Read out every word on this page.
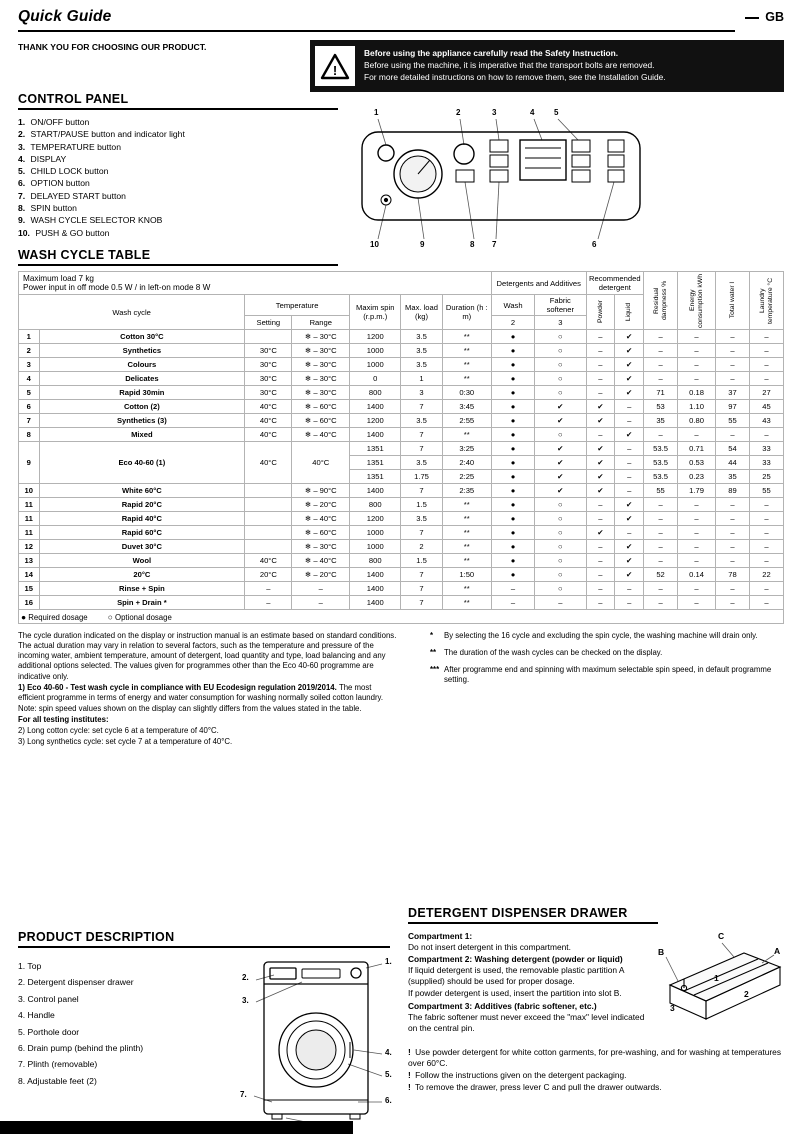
Quick Guide	GB
THANK YOU FOR CHOOSING OUR PRODUCT.
!
Before using the appliance carefully read the Safety Instruction.
Before using the machine, it is imperative that the transport bolts are removed.
For more detailed instructions on how to remove them, see the Installation Guide.
CONTROL PANEL
1. ON/OFF button
2. START/PAUSE button and indicator light
3. TEMPERATURE button
4. DISPLAY
5. CHILD LOCK button
6. OPTION button
7. DELAYED START button
8. SPIN button
9. WASH CYCLE SELECTOR KNOB
10. PUSH & GO button
1	2	3	4 5
10	9	8 7	6
WASH CYCLE TABLE
Maximum load 7 kg
Power input in off mode 0.5 W / in left-on mode 8 W							Detergents and Additives		Recommended detergent		Residual dampness %	Energy consumption kWh	Total water l	Laundry temperature °C

Wash cycle		Temperature		Maxim spin (r.p.m.)	Max. load (kg)	Duration (h : m)	Wash	Fabric softener	Powder	Liquid				

		Setting	Range				2	3						
1	Cotton 30°C		❄ – 30°C	1200	3.5	**	●	○	–	✔	–	–	–	–
2	Synthetics	30°C	❄ – 30°C	1000	3.5	**	●	○	–	✔	–	–	–	–
3	Colours	30°C	❄ – 30°C	1000	3.5	**	●	○	–	✔	–	–	–	–
4	Delicates	30°C	❄ – 30°C	0	1	**	●	○	–	✔	–	–	–	–
5	Rapid 30min	30°C	❄ – 30°C	800	3	0:30	●	○	–	✔	71	0.18	37	27
6	Cotton (2)	40°C	❄ – 60°C	1400	7	3:45	●	✔	✔	–	53	1.10	97	45
7	Synthetics (3)	40°C	❄ – 60°C	1200	3.5	2:55	●	✔	✔	–	35	0.80	55	43
8	Mixed	40°C	❄ – 40°C	1400	7	**	●	○	–	✔	–	–	–	–
9	Eco 40-60 (1)	40°C	40°C	1351	7	3:25	●	✔	✔	–	53.5	0.71	54	33
				1351	3.5	2:40	●	✔	✔	–	53.5	0.53	44	33
				1351	1.75	2:25	●	✔	✔	–	53.5	0.23	35	25
10	White 60°C		❄ – 90°C	1400	7	2:35	●	✔	✔	–	55	1.79	89	55
11	Rapid 20°C		❄ – 20°C	800	1.5	**	●	○	–	✔	–	–	–	–
11	Rapid 40°C		❄ – 40°C	1200	3.5	**	●	○	–	✔	–	–	–	–
11	Rapid 60°C		❄ – 60°C	1000	7	**	●	○	✔	–	–	–	–	–
12	Duvet 30°C		❄ – 30°C	1000	2	**	●	○	–	✔	–	–	–	–
13	Wool	40°C	❄ – 40°C	800	1.5	**	●	○	–	✔	–	–	–	–
14	20°C	20°C	❄ – 20°C	1400	7	1:50	●	○	–	✔	52	0.14	78	22
15	Rinse + Spin	–	–	1400	7	**	–	○	–	–	–	–	–	–
16	Spin + Drain *	–	–	1400	7	**	–	–	–	–	–	–	–	–
● Required dosage ○ Optional dosage														
The cycle duration indicated on the display or instruction manual is an estimate based on standard conditions. The actual duration may vary in relation to several factors, such as the temperature and pressure of the incoming water, ambient temperature, amount of detergent, load quantity and type, load balancing and any additional options selected. The values given for programmes other than the Eco 40-60 programme are indicative only.
1) Eco 40-60 - Test wash cycle in compliance with EU Ecodesign regulation 2019/2014. The most efficient programme in terms of energy and water consumption for washing normally soiled cotton laundry.
Note: spin speed values shown on the display can slightly differs from the values stated in the table.
For all testing institutes:
2) Long cotton cycle: set cycle 6 at a temperature of 40°C.
3) Long synthetics cycle: set cycle 7 at a temperature of 40°C.
*	By selecting the 16 cycle and excluding the spin cycle, the washing machine will drain only.
**	The duration of the wash cycles can be checked on the display.
*** After programme end and spinning with maximum selectable spin speed, in default programme setting.
PRODUCT DESCRIPTION
1. Top
2. Detergent dispenser drawer
3. Control panel
4. Handle
5. Porthole door
6. Drain pump (behind the plinth)
7. Plinth (removable)
8. Adjustable feet (2)
1.
2.
3.
4.
5.
6.
7.
DETERGENT DISPENSER DRAWER
Compartment 1:
Do not insert detergent in this compartment.
Compartment 2: Washing detergent (powder or liquid)
If liquid detergent is used, the removable plastic partition A (supplied) should be used for proper dosage.
If powder detergent is used, insert the partition into slot B.
Compartment 3: Additives (fabric softener, etc.)
The fabric softener must never exceed the "max" level indicated on the central pin.
C
B	A
1
2
3
! Use powder detergent for white cotton garments, for pre-washing, and for washing at temperatures over 60°C.
! Follow the instructions given on the detergent packaging.
! To remove the drawer, press lever C and pull the drawer outwards.
